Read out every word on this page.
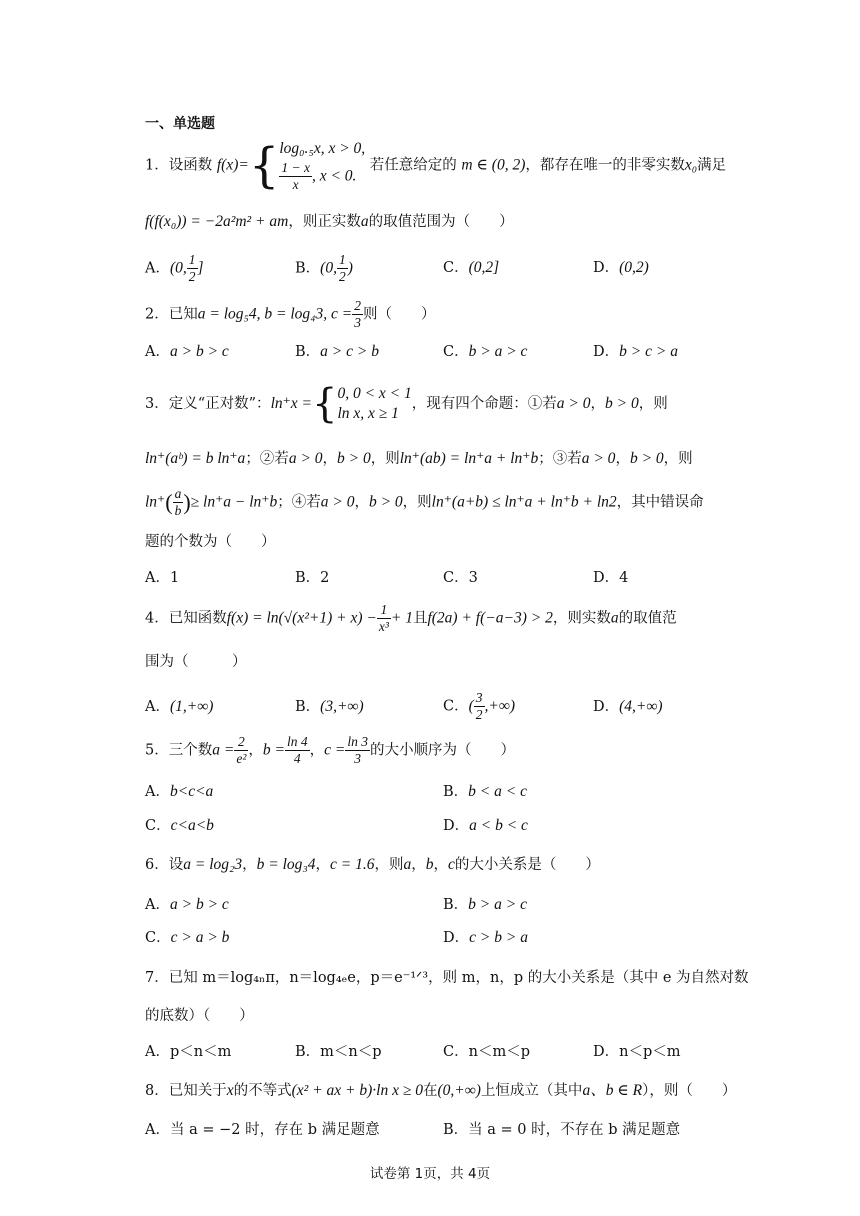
一、单选题
1．设函数 f(x)={ log₀.₅x, x > 0,
$\frac{1 - x}{x}$ , x < 0.
若任意给定的 m ∈ (0, 2)，都存在唯一的非零实数x₀满足
f(f(x₀)) = −2a²m² + am，则正实数a的取值范围为（　　）
A．(0, $\frac{1}{2}$ ]	B．(0, $\frac{1}{2}$ )	C．(0,2]	D．(0,2)
2．已知a = log₅4, b = log₄3, $c = \frac{2}{3}$ 则（　　）
A．a > b > c	B．a > c > b	C．b > a > c	D．b > c > a
3．定义“正对数”：ln⁺x ={ 0, 0 < x < 1
ln x, x ≥ 1
，现有四个命题：①若a > 0，b > 0，则
ln⁺(aᵇ) = b ln⁺a；②若a > 0，b > 0，则ln⁺(ab) = ln⁺a + ln⁺b；③若a > 0，b > 0，则
$\ln^+( \frac{a}{b}$ )≥ ln⁺a − ln⁺b；④若a > 0，b > 0，则ln⁺(a+b) ≤ ln⁺a + ln⁺b + ln2，其中错误命
题的个数为（　　）
A．1	B．2	C．3	D．4
4．已知函数$f(x) = \ln(√(x^2+1) + x) - \frac{1}{\text{x³}} + 1$且f(2a) + f(−a−3) > 2，则实数a的取值范
围为（　　　）
A．(1,+∞)	B．(3,+∞)	C．( $\frac{3}{2}$ ,+∞)	D．(4,+∞)
5．三个数$a = \frac{2}{\text{e²}}$ ，$b = \frac{\ln 4}{4}$ ，$c = \frac{\ln 3}{3}$ 的大小顺序为（　　）
A．b<c<a	B．b < a < c
C．c<a<b	D．a < b < c
6．设a = log₂3，b = log₃4，c = 1.6，则a，b，c的大小关系是（　　）
A．a > b > c	B．b > a > c
C．c > a > b	D．c > b > a
7．已知 m＝log₄ₙπ，n＝log₄ₑe，p＝e⁻¹ᐟ³，则 m，n，p 的大小关系是（其中 e 为自然对数
的底数）（　　）
A．p＜n＜m	B．m＜n＜p	C．n＜m＜p	D．n＜p＜m
8．已知关于x的不等式(x² + ax + b)·ln x ≥ 0在(0,+∞)上恒成立（其中a、b ∈ R），则（　　）
A．当 a = −2 时，存在 b 满足题意	B．当 a = 0 时，不存在 b 满足题意
试卷第 1页，共 4页
